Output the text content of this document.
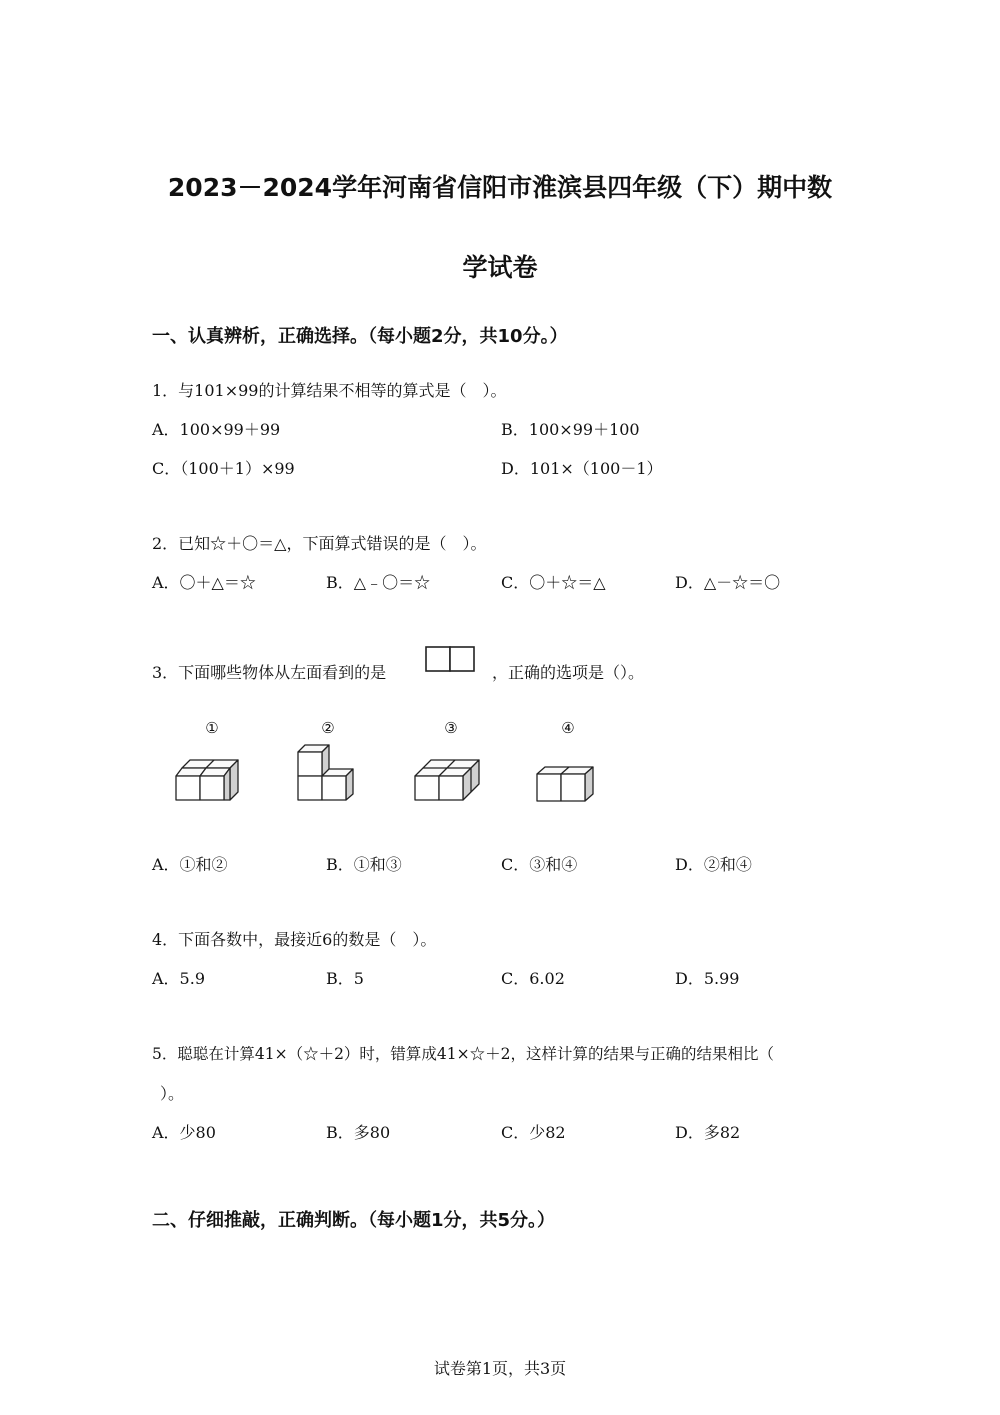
2023－2024学年河南省信阳市淮滨县四年级（下）期中数
学试卷
一、认真辨析，正确选择。（每小题2分，共10分。）
1．与101×99的计算结果不相等的算式是（　）。
A．100×99＋99	B．100×99＋100
C．（100＋1）×99	D．101×（100－1）
2．已知☆＋〇＝△，下面算式错误的是（　）。
A．〇＋△＝☆	B．△﹣〇＝☆	C．〇＋☆＝△	D．△－☆＝〇
3．下面哪些物体从左面看到的是	，正确的选项是（）。
①	②	③	④
A．①和②	B．①和③	C．③和④	D．②和④
4．下面各数中，最接近6的数是（　）。
A．5.9	B．5	C．6.02	D．5.99
5．聪聪在计算41×（☆＋2）时，错算成41×☆＋2，这样计算的结果与正确的结果相比（
）。
A．少80	B．多80	C．少82	D．多82
二、仔细推敲，正确判断。（每小题1分，共5分。）
试卷第1页，共3页
